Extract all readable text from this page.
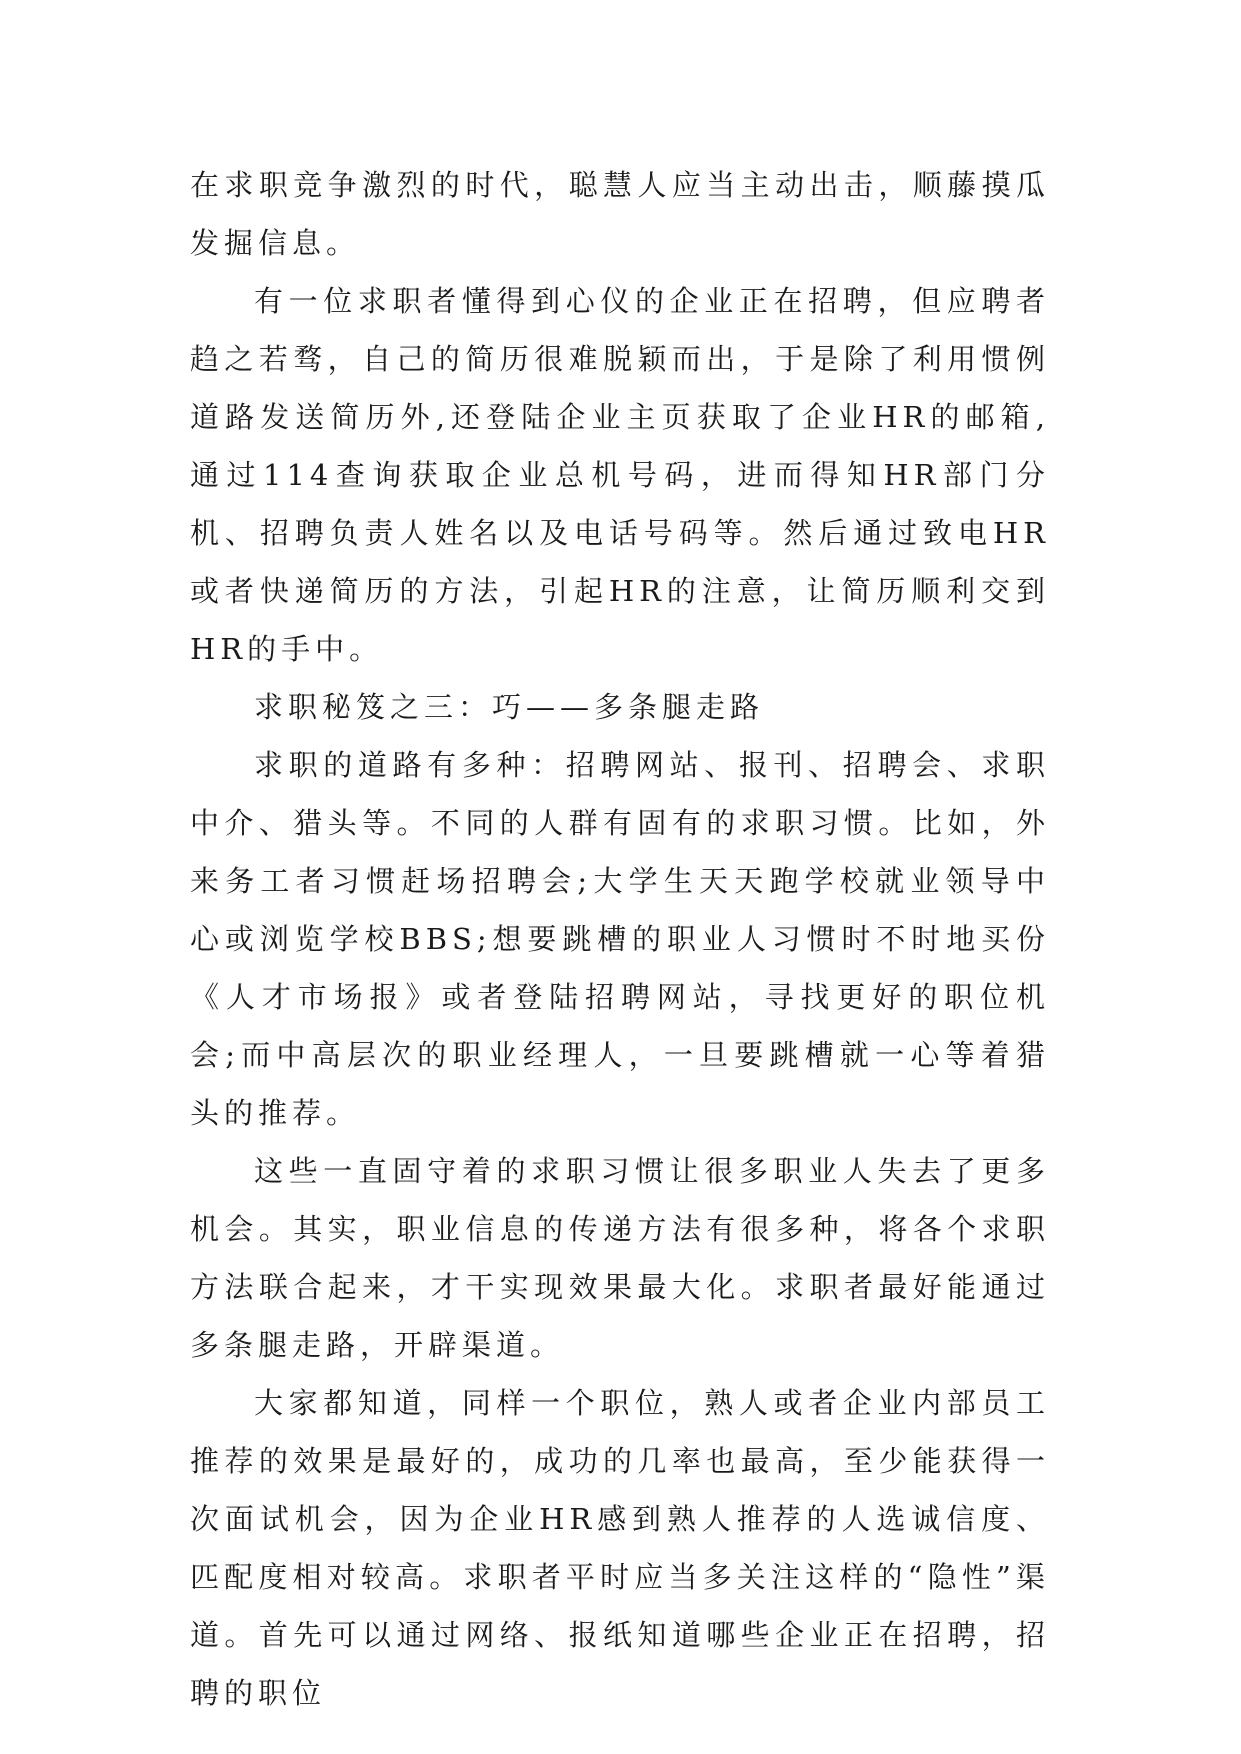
在求职竞争激烈的时代，聪慧人应当主动出击，顺藤摸瓜发掘信息。

有一位求职者懂得到心仪的企业正在招聘，但应聘者趋之若骛，自己的简历很难脱颖而出，于是除了利用惯例道路发送简历外,还登陆企业主页获取了企业HR的邮箱,通过114查询获取企业总机号码，进而得知HR部门分机、招聘负责人姓名以及电话号码等。然后通过致电HR或者快递简历的方法，引起HR的注意，让简历顺利交到HR的手中。

求职秘笈之三：巧——多条腿走路

求职的道路有多种：招聘网站、报刊、招聘会、求职中介、猎头等。不同的人群有固有的求职习惯。比如，外来务工者习惯赶场招聘会;大学生天天跑学校就业领导中心或浏览学校BBS;想要跳槽的职业人习惯时不时地买份《人才市场报》或者登陆招聘网站，寻找更好的职位机会;而中高层次的职业经理人，一旦要跳槽就一心等着猎头的推荐。

这些一直固守着的求职习惯让很多职业人失去了更多机会。其实，职业信息的传递方法有很多种，将各个求职方法联合起来，才干实现效果最大化。求职者最好能通过多条腿走路，开辟渠道。

大家都知道，同样一个职位，熟人或者企业内部员工推荐的效果是最好的，成功的几率也最高，至少能获得一次面试机会，因为企业HR感到熟人推荐的人选诚信度、匹配度相对较高。求职者平时应当多关注这样的“隐性”渠道。首先可以通过网络、报纸知道哪些企业正在招聘，招聘的职位
